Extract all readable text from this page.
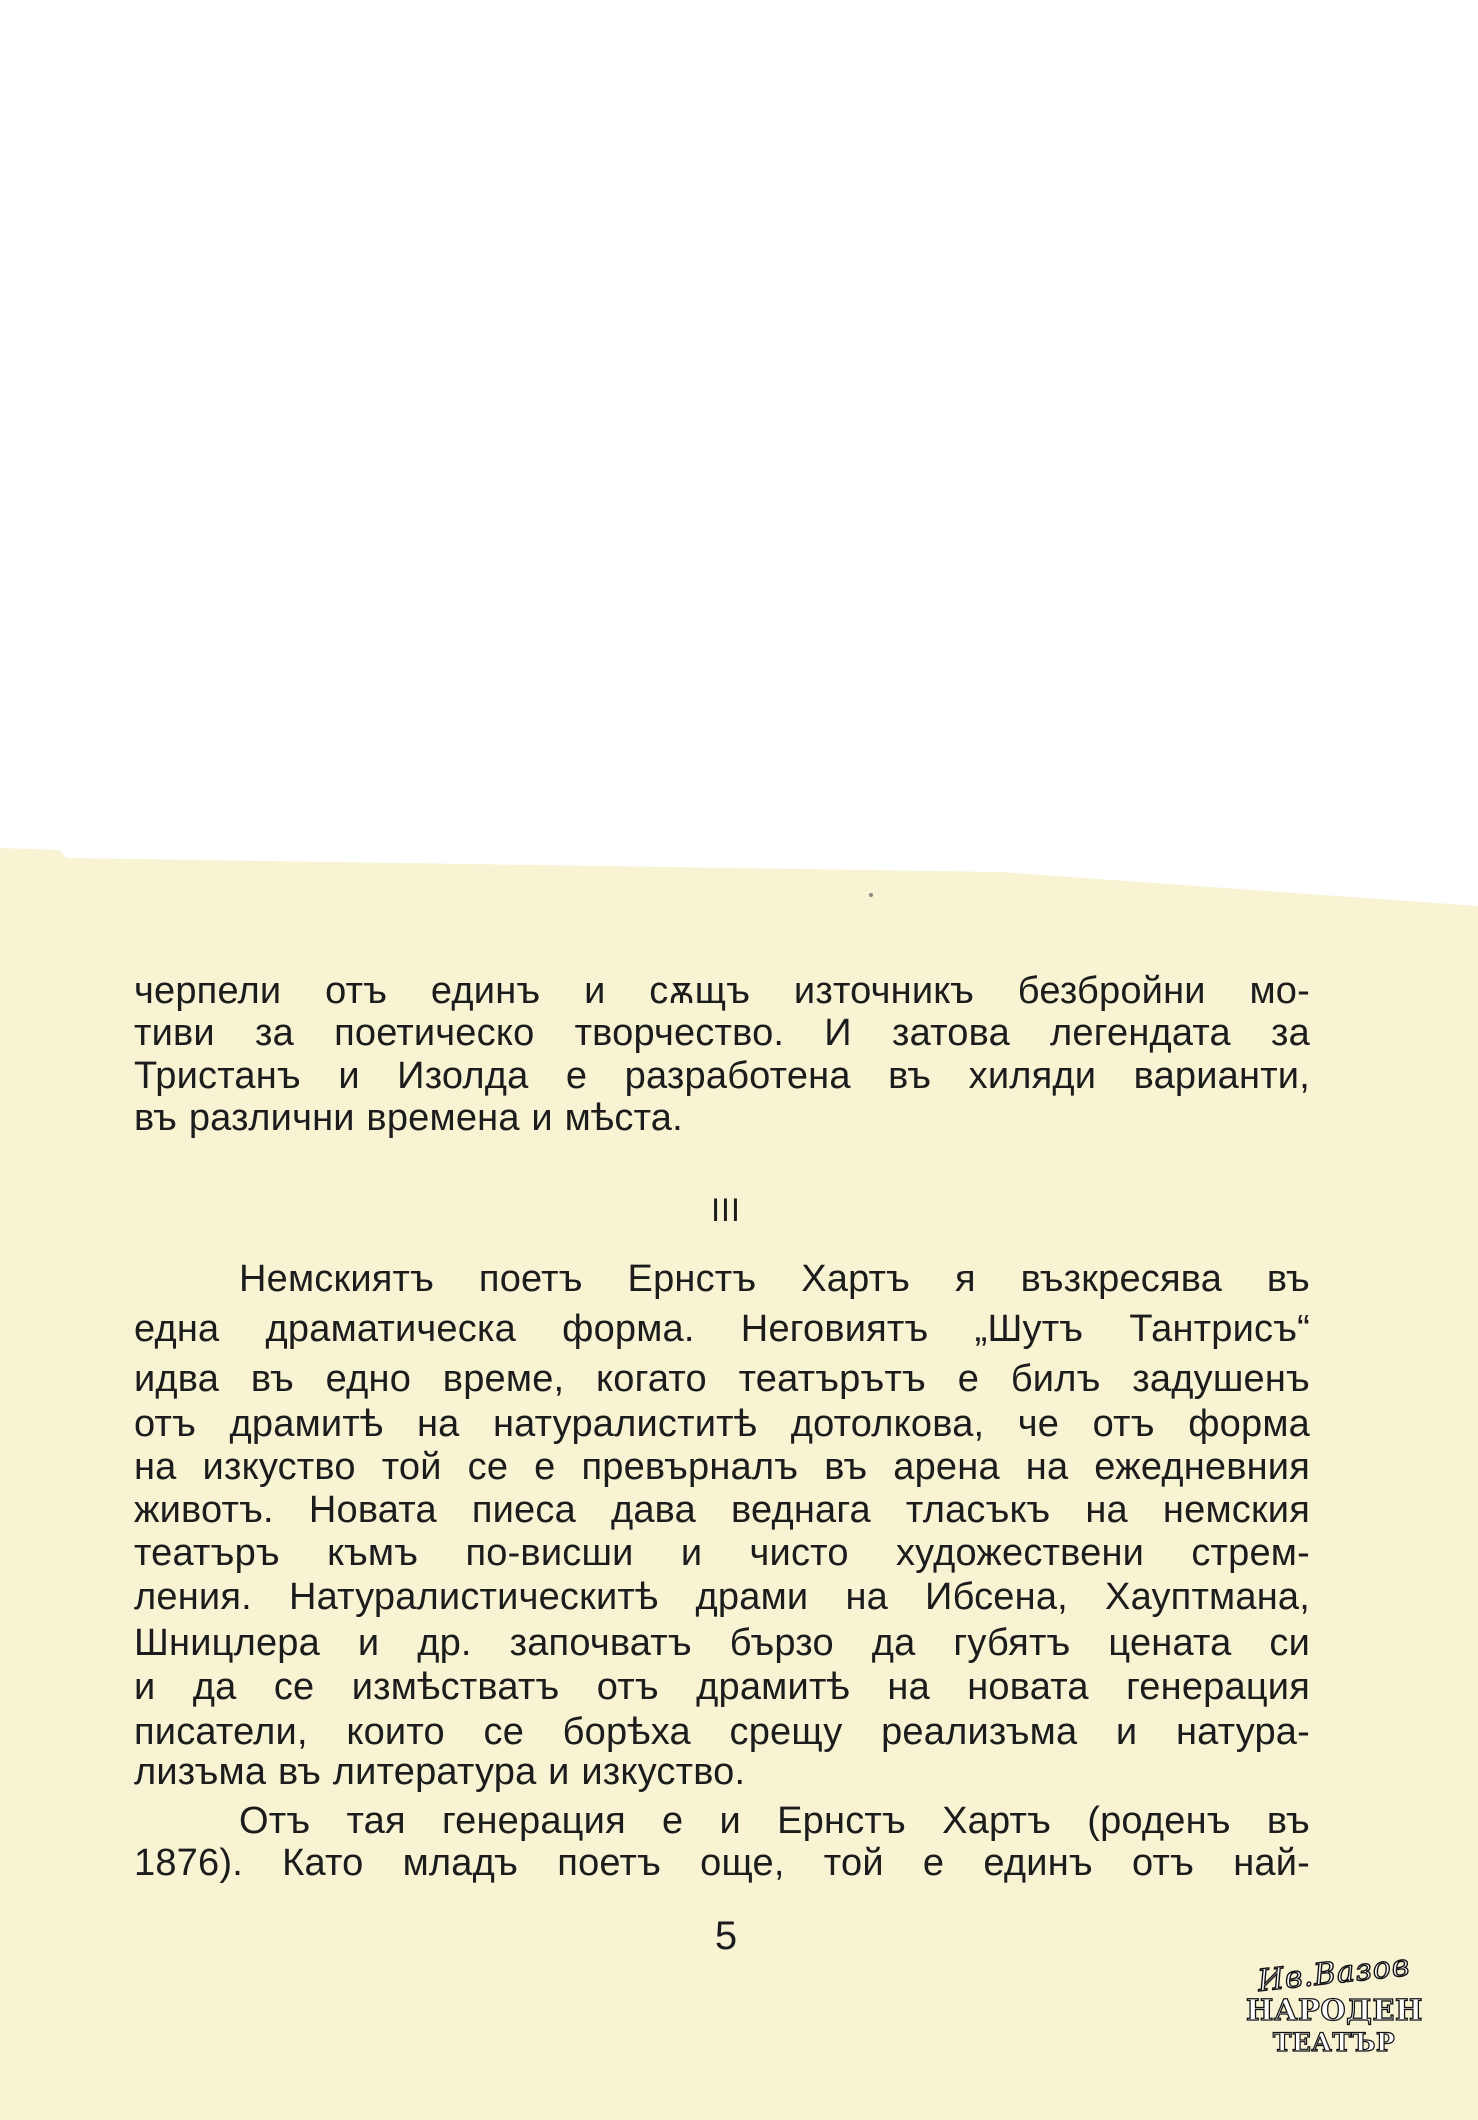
черпели отъ единъ и сѫщъ източникъ безбройни мо-
тиви за поетическо творчество. И затова легендата за
Тристанъ и Изолда е разработена въ хиляди варианти,
въ различни времена и мѣста.
III
Немскиятъ поетъ Ернстъ Хартъ я възкресява въ
една драматическа форма. Неговиятъ „Шутъ Тантрисъ“
идва въ едно време, когато театърътъ е билъ задушенъ
отъ драмитѣ на натуралиститѣ дотолкова, че отъ форма
на изкуство той се е превърналъ въ арена на ежедневния
животъ. Новата пиеса дава веднага тласъкъ на немския
театъръ къмъ по-висши и чисто художествени стрем-
ления. Натуралистическитѣ драми на Ибсена, Хауптмана,
Шницлера и др. започватъ бързо да губятъ цената си
и да се измѣстватъ отъ драмитѣ на новата генерация
писатели, които се борѣха срещу реализъма и натура-
лизъма въ литература и изкуство.
Отъ тая генерация е и Ернстъ Хартъ (роденъ въ
1876). Като младъ поетъ още, той е единъ отъ най-
5
Ив.Вазов
НАРОДЕН
ТЕАТЪР
